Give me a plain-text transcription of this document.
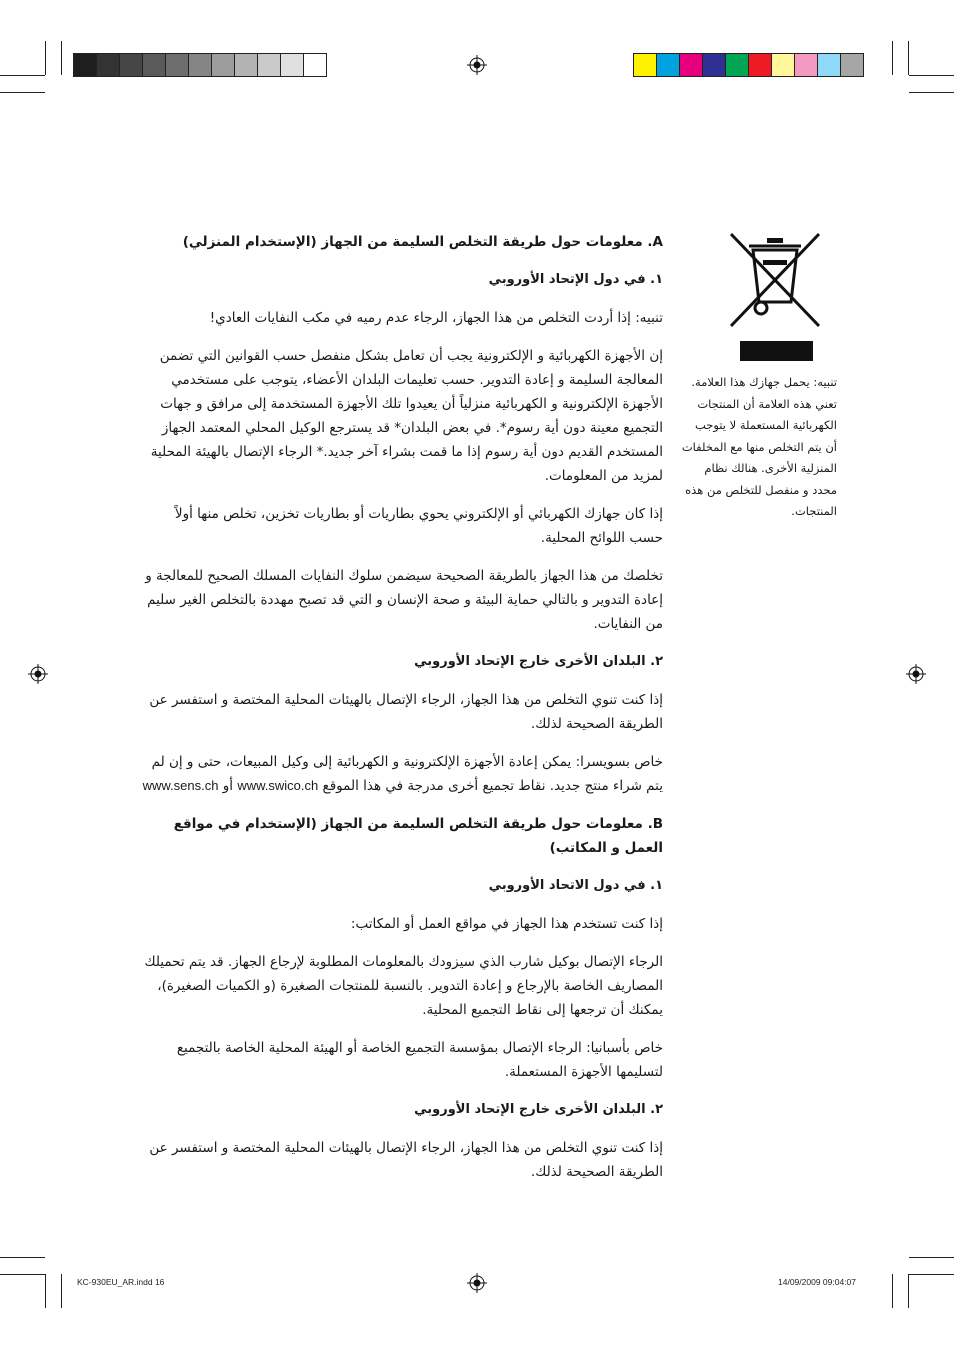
A. معلومات حول طريقة التخلص السليمة من الجهاز (الإستخدام المنزلي)
١. في دول الإتحاد الأوروبي

تنبيه: إذا أردت التخلص من هذا الجهاز، الرجاء عدم رميه في مكب النفايات العادي!

إن الأجهزة الكهربائية و الإلكترونية يجب أن تعامل بشكل منفصل حسب القوانين التي تضمن المعالجة السليمة و إعادة التدوير. حسب تعليمات البلدان الأعضاء، يتوجب على مستخدمي الأجهزة الإلكترونية و الكهربائية منزلياً أن يعيدوا تلك الأجهزة المستخدمة إلى مرافق و جهات التجميع معينة دون أية رسوم*. في بعض البلدان* قد يسترجع الوكيل المحلي المعتمد الجهاز المستخدم القديم دون أية رسوم إذا ما قمت بشراء آخر جديد.* الرجاء الإتصال بالهيئة المحلية لمزيد من المعلومات.

إذا كان جهازك الكهربائي أو الإلكتروني يحوي بطاريات أو بطاريات تخزين، تخلص منها أولاً حسب اللوائح المحلية.

تخلصك من هذا الجهاز بالطريقة الصحيحة سيضمن سلوك النفايات المسلك الصحيح للمعالجة و إعادة التدوير و بالتالي حماية البيئة و صحة الإنسان و التي قد تصبح مهددة بالتخلص الغير سليم من النفايات.

٢. البلدان الأخرى خارج الإتحاد الأوروبي

إذا كنت تنوي التخلص من هذا الجهاز، الرجاء الإتصال بالهيئات المحلية المختصة و استفسر عن الطريقة الصحيحة لذلك.

خاص بسويسرا: يمكن إعادة الأجهزة الإلكترونية و الكهربائية إلى وكيل المبيعات، حتى و إن لم يتم شراء منتج جديد. نقاط تجميع أخرى مدرجة في هذا الموقع www.swico.ch أو www.sens.ch

B. معلومات حول طريقة التخلص السليمة من الجهاز (الإستخدام في مواقع العمل و المكاتب)
١. في دول الاتحاد الأوروبي

إذا كنت تستخدم هذا الجهاز في مواقع العمل أو المكاتب:

الرجاء الإتصال بوكيل شارب الذي سيزودك بالمعلومات المطلوبة لإرجاع الجهاز. قد يتم تحميلك المصاريف الخاصة بالإرجاع و إعادة التدوير. بالنسبة للمنتجات الصغيرة (و الكميات الصغيرة)، يمكنك أن ترجعها إلى نقاط التجميع المحلية.

خاص بأسبانيا: الرجاء الإتصال بمؤسسة التجميع الخاصة أو الهيئة المحلية الخاصة بالتجميع لتسليمها الأجهزة المستعملة.

٢. البلدان الأخرى خارج الإتحاد الأوروبي

إذا كنت تنوي التخلص من هذا الجهاز، الرجاء الإتصال بالهيئات المحلية المختصة و استفسر عن الطريقة الصحيحة لذلك.

تنبيه: يحمل جهازك هذا العلامة. تعني هذه العلامة أن المنتجات الكهربائية المستعملة لا يتوجب أن يتم التخلص منها مع المخلفات المنزلية الأخرى. هنالك نظام محدد و منفصل للتخلص من هذه المنتجات.
KC-930EU_AR.indd 16	14/09/2009 09:04:07
